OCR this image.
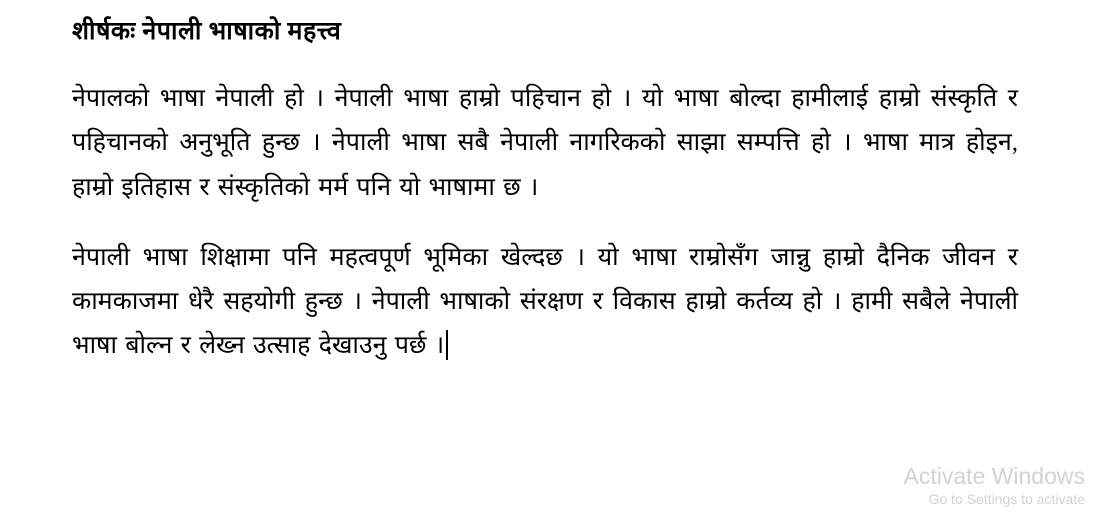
शीर्षकः नेपाली भाषाको महत्त्व

नेपालको भाषा नेपाली हो । नेपाली भाषा हाम्रो पहिचान हो । यो भाषा बोल्दा हामीलाई हाम्रो संस्कृति र पहिचानको अनुभूति हुन्छ । नेपाली भाषा सबै नेपाली नागरिकको साझा सम्पत्ति हो । भाषा मात्र होइन, हाम्रो इतिहास र संस्कृतिको मर्म पनि यो भाषामा छ ।

नेपाली भाषा शिक्षामा पनि महत्वपूर्ण भूमिका खेल्दछ । यो भाषा राम्रोसँग जान्नु हाम्रो दैनिक जीवन र कामकाजमा धेरै सहयोगी हुन्छ । नेपाली भाषाको संरक्षण र विकास हाम्रो कर्तव्य हो । हामी सबैले नेपाली भाषा बोल्न र लेख्न उत्साह देखाउनु पर्छ ।

Activate Windows
Go to Settings to activate
